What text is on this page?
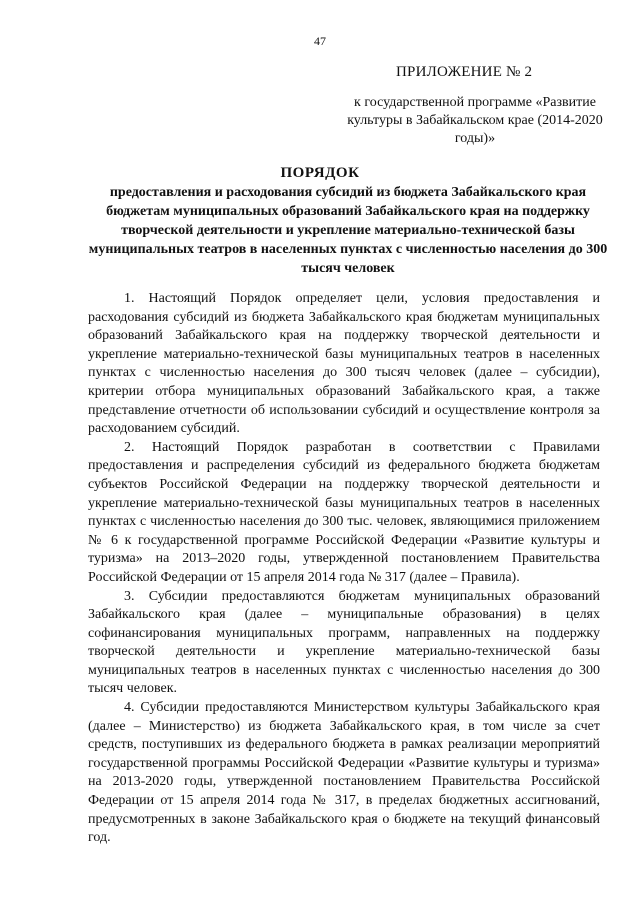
47
ПРИЛОЖЕНИЕ № 2
к государственной программе «Развитие культуры в Забайкальском крае (2014-2020 годы)»
ПОРЯДОК
предоставления и расходования субсидий из бюджета Забайкальского края бюджетам муниципальных образований Забайкальского края на поддержку творческой деятельности и укрепление материально-технической базы муниципальных театров в населенных пунктах с численностью населения до 300 тысяч человек

1. Настоящий Порядок определяет цели, условия предоставления и расходования субсидий из бюджета Забайкальского края бюджетам муниципальных образований Забайкальского края на поддержку творческой деятельности и укрепление материально-технической базы муниципальных театров в населенных пунктах с численностью населения до 300 тысяч человек (далее – субсидии), критерии отбора муниципальных образований Забайкальского края, а также представление отчетности об использовании субсидий и осуществление контроля за расходованием субсидий.

2. Настоящий Порядок разработан в соответствии с Правилами предоставления и распределения субсидий из федерального бюджета бюджетам субъектов Российской Федерации на поддержку творческой деятельности и укрепление материально-технической базы муниципальных театров в населенных пунктах с численностью населения до 300 тыс. человек, являющимися приложением № 6 к государственной программе Российской Федерации «Развитие культуры и туризма» на 2013–2020 годы, утвержденной постановлением Правительства Российской Федерации от 15 апреля 2014 года № 317 (далее – Правила).

3. Субсидии предоставляются бюджетам муниципальных образований Забайкальского края (далее – муниципальные образования) в целях софинансирования муниципальных программ, направленных на поддержку творческой деятельности и укрепление материально-технической базы муниципальных театров в населенных пунктах с численностью населения до 300 тысяч человек.

4. Субсидии предоставляются Министерством культуры Забайкальского края (далее – Министерство) из бюджета Забайкальского края, в том числе за счет средств, поступивших из федерального бюджета в рамках реализации мероприятий государственной программы Российской Федерации «Развитие культуры и туризма» на 2013-2020 годы, утвержденной постановлением Правительства Российской Федерации от 15 апреля 2014 года № 317, в пределах бюджетных ассигнований, предусмотренных в законе Забайкальского края о бюджете на текущий финансовый год.
